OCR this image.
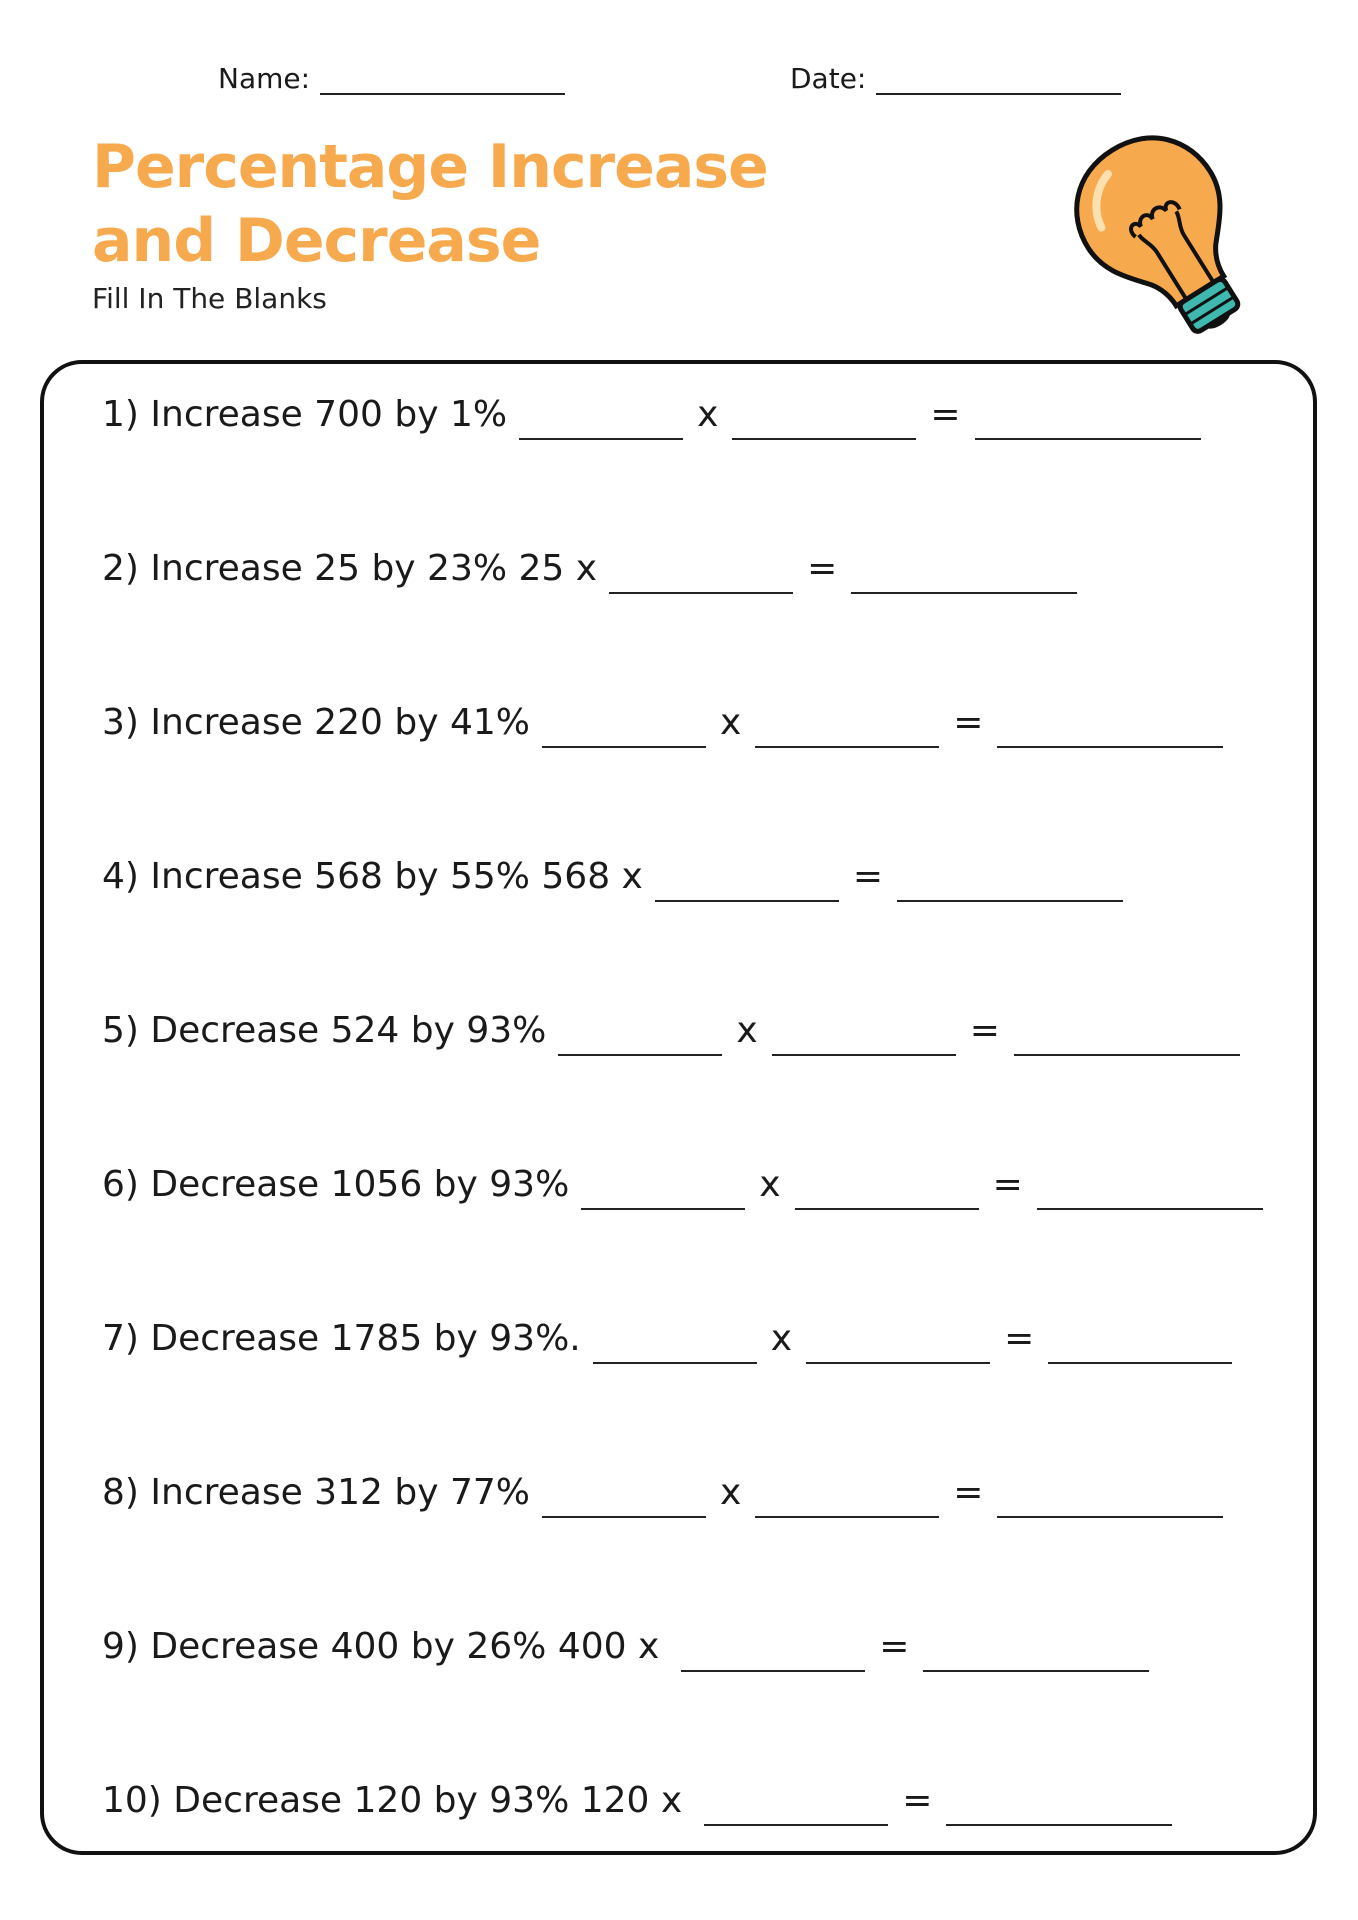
Name:	Date:
Percentage Increase and Decrease
Fill In The Blanks
1) Increase 700 by 1%	x	=
2) Increase 25 by 23% 25 x	=
3) Increase 220 by 41%	x	=
4) Increase 568 by 55% 568 x	=
5) Decrease 524 by 93%	x	=
6) Decrease 1056 by 93%	x	=
7) Decrease 1785 by 93%.	x	=
8) Increase 312 by 77%	x	=
9) Decrease 400 by 26% 400 x	=
10) Decrease 120 by 93% 120 x	=
